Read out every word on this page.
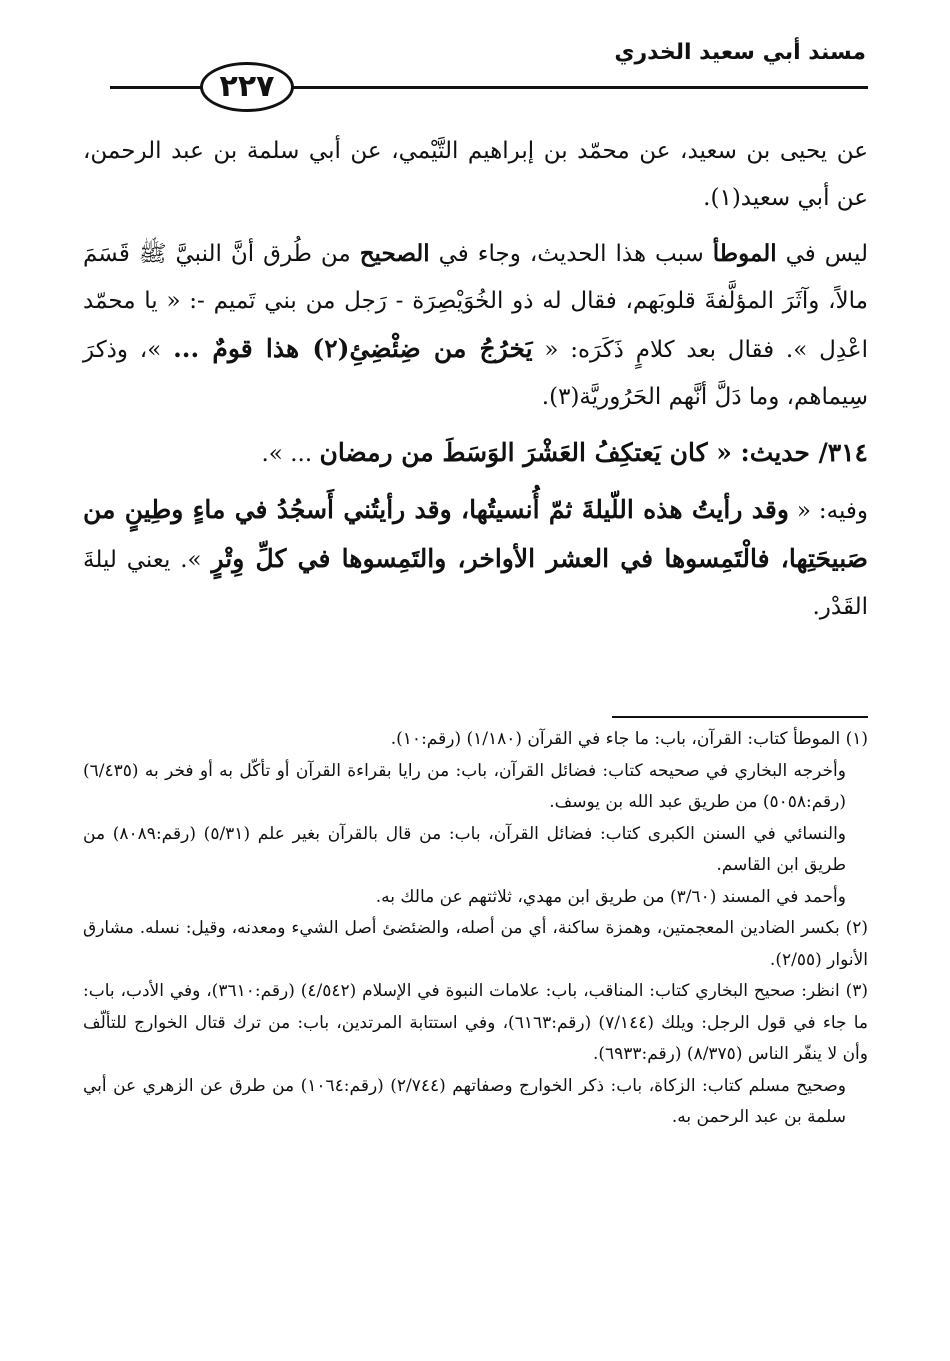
مسند أبي سعيد الخدري
٢٢٧

عن يحيى بن سعيد، عن محمّد بن إبراهيم التَّيْمي، عن أبي سلمة بن عبد الرحمن، عن أبي سعيد(١).

ليس في الموطأ سبب هذا الحديث، وجاء في الصحيح من طُرق أنَّ النبيَّ ﷺ قَسَمَ مالاً، وآثَرَ المؤلَّفةَ قلوبَهم، فقال له ذو الخُوَيْصِرَة - رَجل من بني تَميم -: « يا محمّد اعْدِل ». فقال بعد كلامٍ ذَكَرَه: « يَخرُجُ من ضِئْضِئِ(٢) هذا قومٌ ... »، وذكرَ سِيماهم، وما دَلَّ أنَّهم الحَرُوريَّة(٣).

٣١٤/ حديث: « كان يَعتكِفُ العَشْرَ الوَسَطَ من رمضان ... ».

وفيه: « وقد رأيتُ هذه اللّيلةَ ثمّ أُنسيتُها، وقد رأيتُني أَسجُدُ في ماءٍ وطِينٍ من صَبيحَتِها، فالْتَمِسوها في العشر الأواخر، والتَمِسوها في كلِّ وِتْرٍ ». يعني ليلةَ القَدْر.

(١) الموطأ كتاب: القرآن، باب: ما جاء في القرآن (١/١٨٠) (رقم:١٠).

وأخرجه البخاري في صحيحه كتاب: فضائل القرآن، باب: من رايا بقراءة القرآن أو تأكّل به أو فخر به (٦/٤٣٥) (رقم:٥٠٥٨) من طريق عبد الله بن يوسف.

والنسائي في السنن الكبرى كتاب: فضائل القرآن، باب: من قال بالقرآن بغير علم (٥/٣١) (رقم:٨٠٨٩) من طريق ابن القاسم.

وأحمد في المسند (٣/٦٠) من طريق ابن مهدي، ثلاثتهم عن مالك به.

(٢) بكسر الضادين المعجمتين، وهمزة ساكنة، أي من أصله، والضئضئ أصل الشيء ومعدنه، وقيل: نسله. مشارق الأنوار (٢/٥٥).

(٣) انظر: صحيح البخاري كتاب: المناقب، باب: علامات النبوة في الإسلام (٤/٥٤٢) (رقم:٣٦١٠)، وفي الأدب، باب: ما جاء في قول الرجل: ويلك (٧/١٤٤) (رقم:٦١٦٣)، وفي استتابة المرتدين، باب: من ترك قتال الخوارج للتألّف وأن لا ينفّر الناس (٨/٣٧٥) (رقم:٦٩٣٣).

وصحيح مسلم كتاب: الزكاة، باب: ذكر الخوارج وصفاتهم (٢/٧٤٤) (رقم:١٠٦٤) من طرق عن الزهري عن أبي سلمة بن عبد الرحمن به.
